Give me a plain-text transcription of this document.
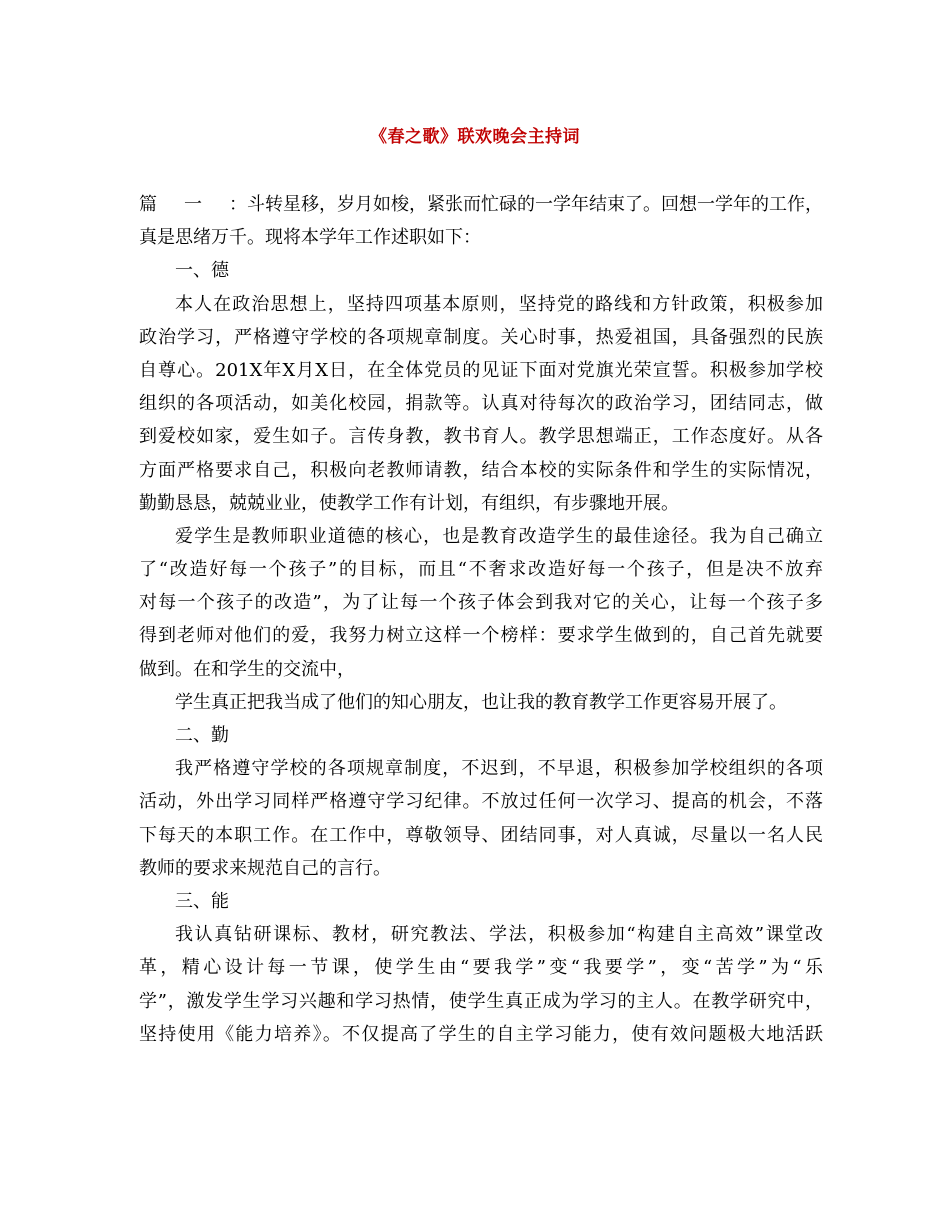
《春之歌》联欢晚会主持词
篇一：斗转星移，岁月如梭，紧张而忙碌的一学年结束了。回想一学年的工作，
真是思绪万千。现将本学年工作述职如下：
一、德
本人在政治思想上，坚持四项基本原则，坚持党的路线和方针政策，积极参加
政治学习，严格遵守学校的各项规章制度。关心时事，热爱祖国，具备强烈的民族
自尊心。201X年X月X日，在全体党员的见证下面对党旗光荣宣誓。积极参加学校
组织的各项活动，如美化校园，捐款等。认真对待每次的政治学习，团结同志，做
到爱校如家，爱生如子。言传身教，教书育人。教学思想端正，工作态度好。从各
方面严格要求自己，积极向老教师请教，结合本校的实际条件和学生的实际情况，
勤勤恳恳，兢兢业业，使教学工作有计划，有组织，有步骤地开展。
爱学生是教师职业道德的核心，也是教育改造学生的最佳途径。我为自己确立
了“改造好每一个孩子”的目标，而且“不奢求改造好每一个孩子，但是决不放弃
对每一个孩子的改造”，为了让每一个孩子体会到我对它的关心，让每一个孩子多
得到老师对他们的爱，我努力树立这样一个榜样：要求学生做到的，自己首先就要
做到。在和学生的交流中，
学生真正把我当成了他们的知心朋友，也让我的教育教学工作更容易开展了。
二、勤
我严格遵守学校的各项规章制度，不迟到，不早退，积极参加学校组织的各项
活动，外出学习同样严格遵守学习纪律。不放过任何一次学习、提高的机会，不落
下每天的本职工作。在工作中，尊敬领导、团结同事，对人真诚，尽量以一名人民
教师的要求来规范自己的言行。
三、能
我认真钻研课标、教材，研究教法、学法，积极参加“构建自主高效”课堂改
革，精心设计每一节课，使学生由“要我学”变“我要学”，变“苦学”为“乐
学”，激发学生学习兴趣和学习热情，使学生真正成为学习的主人。在教学研究中，
坚持使用《能力培养》。不仅提高了学生的自主学习能力，使有效问题极大地活跃
